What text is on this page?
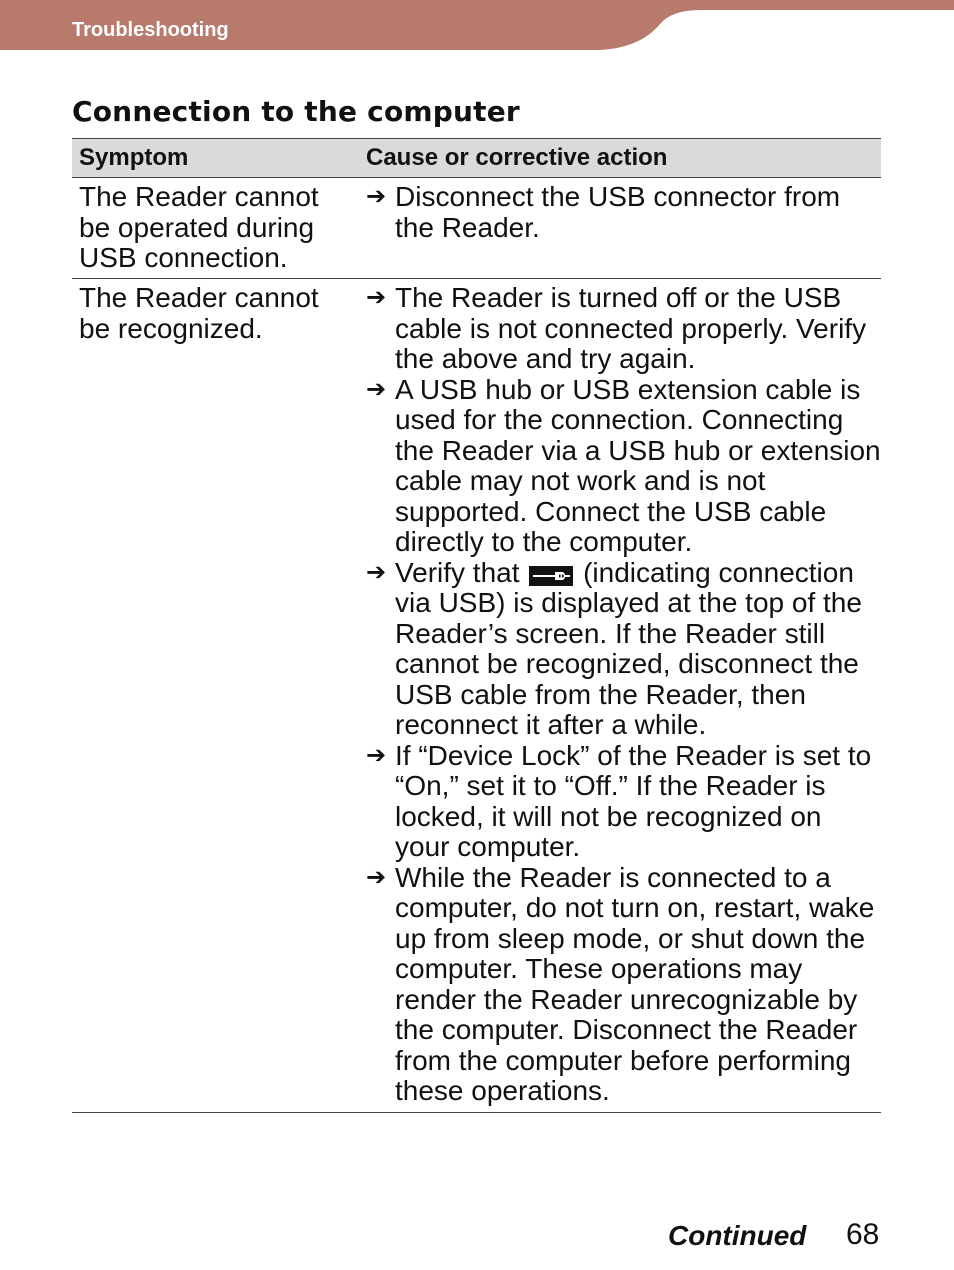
Troubleshooting
Connection to the computer
Symptom	Cause or corrective action
The Reader cannot be operated during USB connection.
➔ Disconnect the USB connector from the Reader.
The Reader cannot be recognized.
➔ The Reader is turned off or the USB cable is not connected properly. Verify the above and try again.
➔ A USB hub or USB extension cable is used for the connection. Connecting the Reader via a USB hub or extension cable may not work and is not supported. Connect the USB cable directly to the computer.
➔ Verify that (indicating connection via USB) is displayed at the top of the Reader’s screen. If the Reader still cannot be recognized, disconnect the USB cable from the Reader, then reconnect it after a while.
➔ If “Device Lock” of the Reader is set to “On,” set it to “Off.” If the Reader is locked, it will not be recognized on your computer.
➔ While the Reader is connected to a computer, do not turn on, restart, wake up from sleep mode, or shut down the computer. These operations may render the Reader unrecognizable by the computer. Disconnect the Reader from the computer before performing these operations.
Continued 68
